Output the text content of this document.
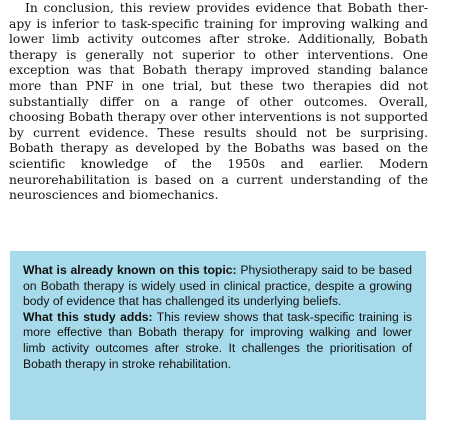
In conclusion, this review provides evidence that Bobath therapy is inferior to task-specific training for improving walking and lower limb activity outcomes after stroke. Additionally, Bobath therapy is generally not superior to other interventions. One exception was that Bobath therapy improved standing balance more than PNF in one trial, but these two therapies did not substantially differ on a range of other outcomes. Overall, choosing Bobath therapy over other interventions is not supported by current evidence. These results should not be surprising. Bobath therapy as developed by the Bobaths was based on the scientific knowledge of the 1950s and earlier. Modern neurorehabilitation is based on a current understanding of the neurosciences and biomechanics.

What is already known on this topic: Physiotherapy said to be based on Bobath therapy is widely used in clinical practice, despite a growing body of evidence that has challenged its underlying beliefs.

What this study adds: This review shows that task-specific training is more effective than Bobath therapy for improving walking and lower limb activity outcomes after stroke. It challenges the prioritisation of Bobath therapy in stroke rehabilitation.
